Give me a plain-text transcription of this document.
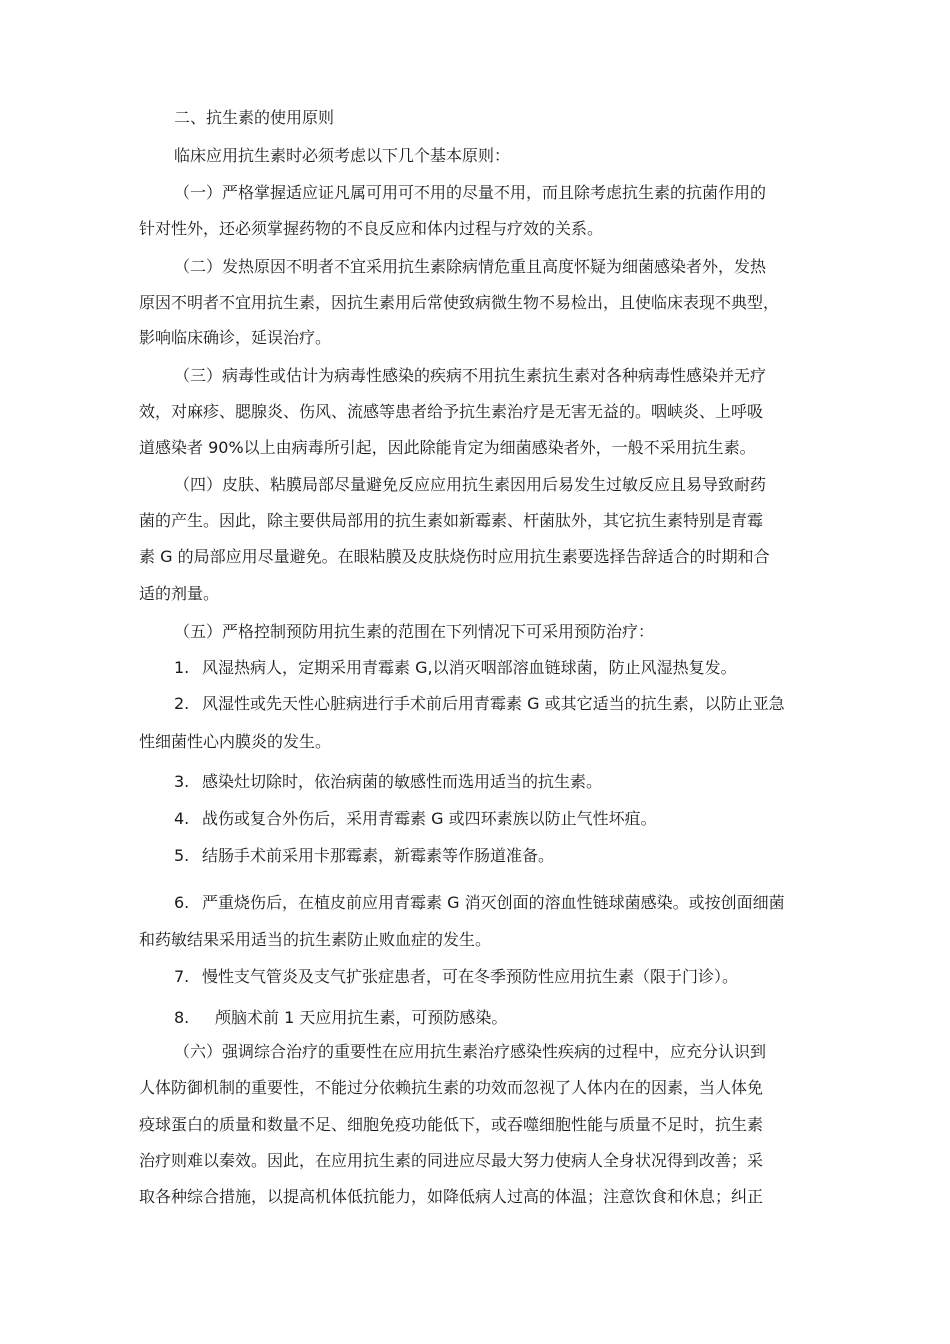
二、抗生素的使用原则
临床应用抗生素时必须考虑以下几个基本原则：
（一）严格掌握适应证凡属可用可不用的尽量不用，而且除考虑抗生素的抗菌作用的
针对性外，还必须掌握药物的不良反应和体内过程与疗效的关系。
（二）发热原因不明者不宜采用抗生素除病情危重且高度怀疑为细菌感染者外，发热
原因不明者不宜用抗生素，因抗生素用后常使致病微生物不易检出，且使临床表现不典型，
影响临床确诊，延误治疗。
（三）病毒性或估计为病毒性感染的疾病不用抗生素抗生素对各种病毒性感染并无疗
效，对麻疹、腮腺炎、伤风、流感等患者给予抗生素治疗是无害无益的。咽峡炎、上呼吸
道感染者 90%以上由病毒所引起，因此除能肯定为细菌感染者外，一般不采用抗生素。
（四）皮肤、粘膜局部尽量避免反应应用抗生素因用后易发生过敏反应且易导致耐药
菌的产生。因此，除主要供局部用的抗生素如新霉素、杆菌肽外，其它抗生素特别是青霉
素 G 的局部应用尽量避免。在眼粘膜及皮肤烧伤时应用抗生素要选择告辞适合的时期和合
适的剂量。
（五）严格控制预防用抗生素的范围在下列情况下可采用预防治疗：
1. 风湿热病人，定期采用青霉素 G,以消灭咽部溶血链球菌，防止风湿热复发。
2. 风湿性或先天性心脏病进行手术前后用青霉素 G 或其它适当的抗生素，以防止亚急
性细菌性心内膜炎的发生。
3. 感染灶切除时，依治病菌的敏感性而选用适当的抗生素。
4. 战伤或复合外伤后，采用青霉素 G 或四环素族以防止气性坏疽。
5. 结肠手术前采用卡那霉素，新霉素等作肠道准备。
6. 严重烧伤后，在植皮前应用青霉素 G 消灭创面的溶血性链球菌感染。或按创面细菌
和药敏结果采用适当的抗生素防止败血症的发生。
7. 慢性支气管炎及支气扩张症患者，可在冬季预防性应用抗生素（限于门诊）。
8. 颅脑术前 1 天应用抗生素，可预防感染。
（六）强调综合治疗的重要性在应用抗生素治疗感染性疾病的过程中，应充分认识到
人体防御机制的重要性，不能过分依赖抗生素的功效而忽视了人体内在的因素，当人体免
疫球蛋白的质量和数量不足、细胞免疫功能低下，或吞噬细胞性能与质量不足时，抗生素
治疗则难以秦效。因此，在应用抗生素的同进应尽最大努力使病人全身状况得到改善；采
取各种综合措施，以提高机体低抗能力，如降低病人过高的体温；注意饮食和休息；纠正
